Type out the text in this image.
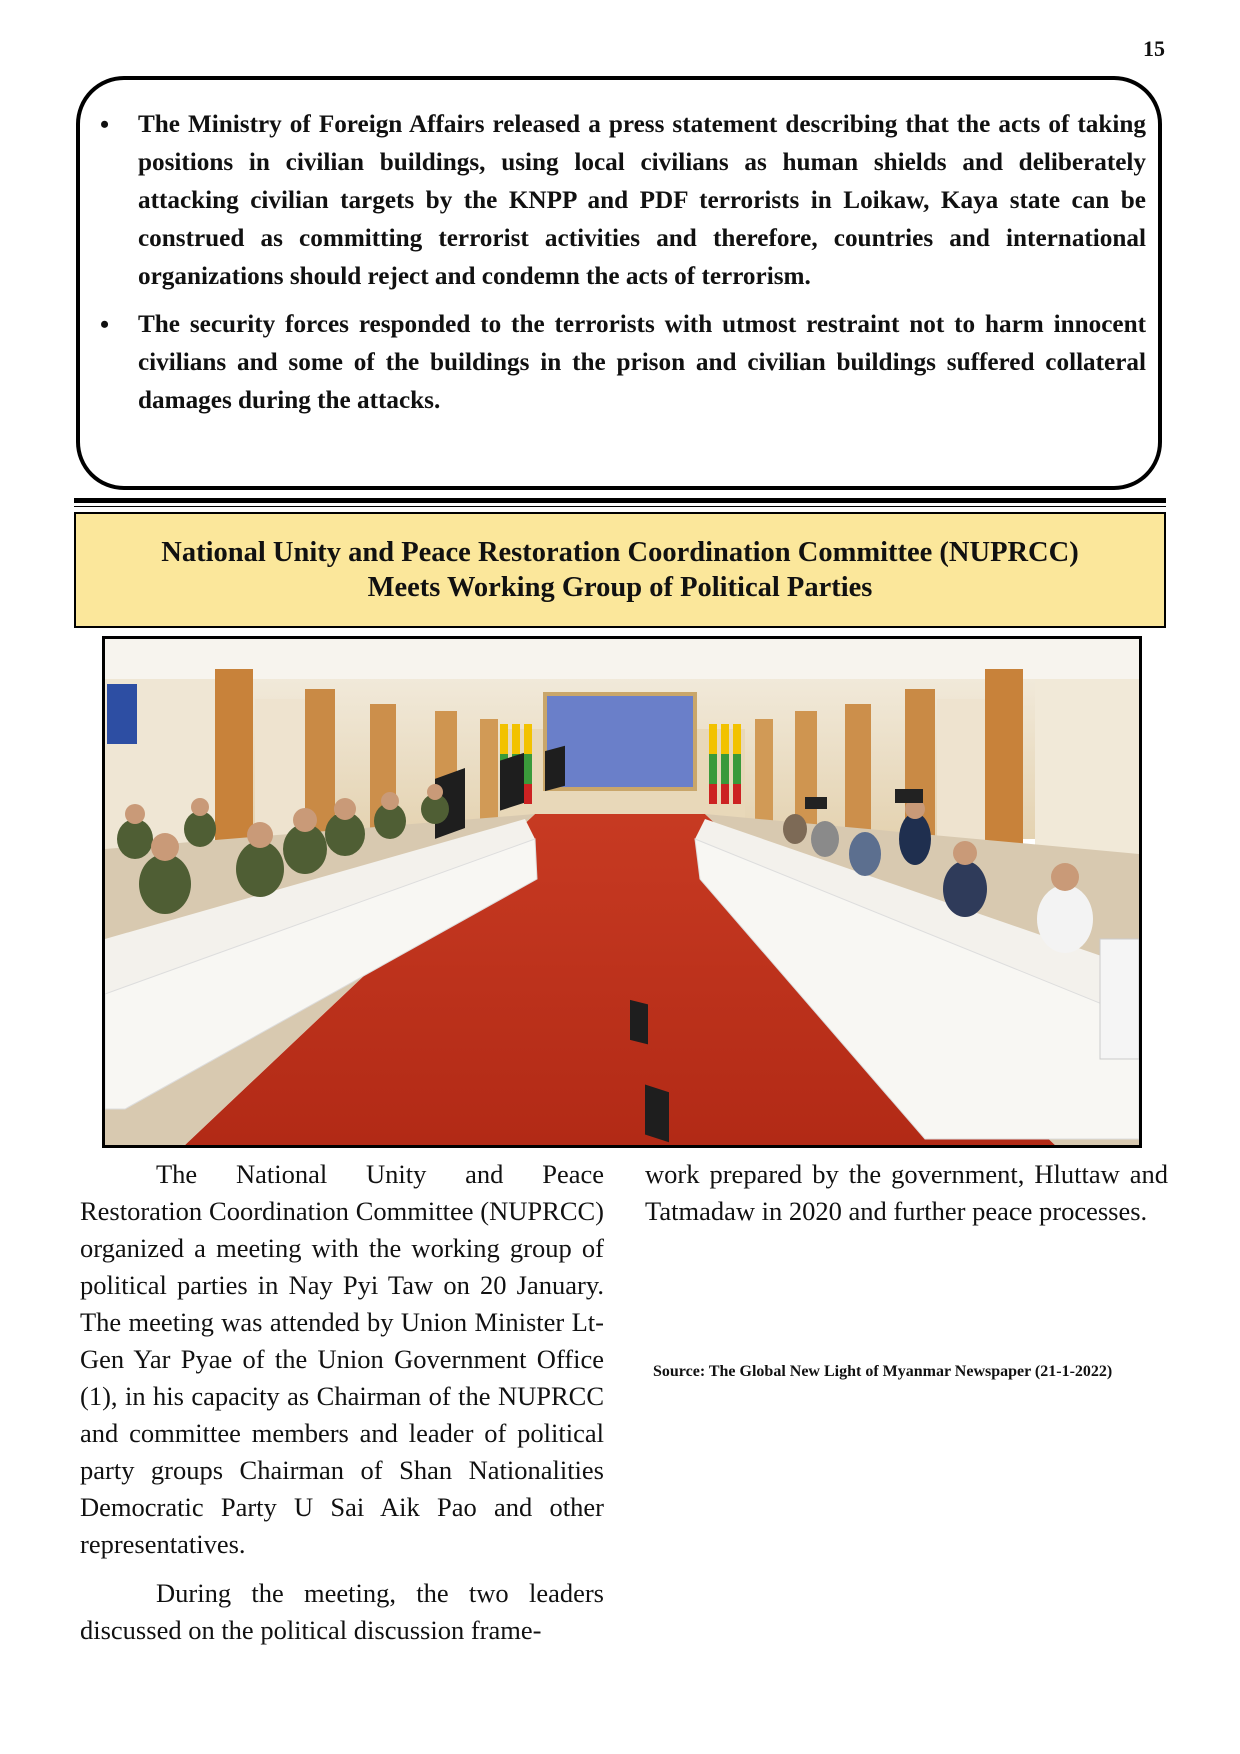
15
• The Ministry of Foreign Affairs released a press statement describing that the acts of taking positions in civilian buildings, using local civilians as human shields and deliberately attacking civilian targets by the KNPP and PDF terrorists in Loikaw, Kaya state can be construed as committing terrorist activities and therefore, countries and international organizations should reject and condemn the acts of terrorism.
• The security forces responded to the terrorists with utmost restraint not to harm innocent civilians and some of the buildings in the prison and civilian buildings suffered collateral damages during the attacks.
National Unity and Peace Restoration Coordination Committee (NUPRCC)
Meets Working Group of Political Parties

The National Unity and Peace Restoration Coordination Committee (NUPRCC) organized a meeting with the working group of political parties in Nay Pyi Taw on 20 January. The meeting was attended by Union Minister Lt-Gen Yar Pyae of the Union Government Office (1), in his capacity as Chairman of the NUPRCC and committee members and leader of political party groups Chairman of Shan Nationalities Democratic Party U Sai Aik Pao and other representatives.

During the meeting, the two leaders discussed on the political discussion frame-

work prepared by the government, Hluttaw and Tatmadaw in 2020 and further peace processes.

Source: The Global New Light of Myanmar Newspaper (21-1-2022)
